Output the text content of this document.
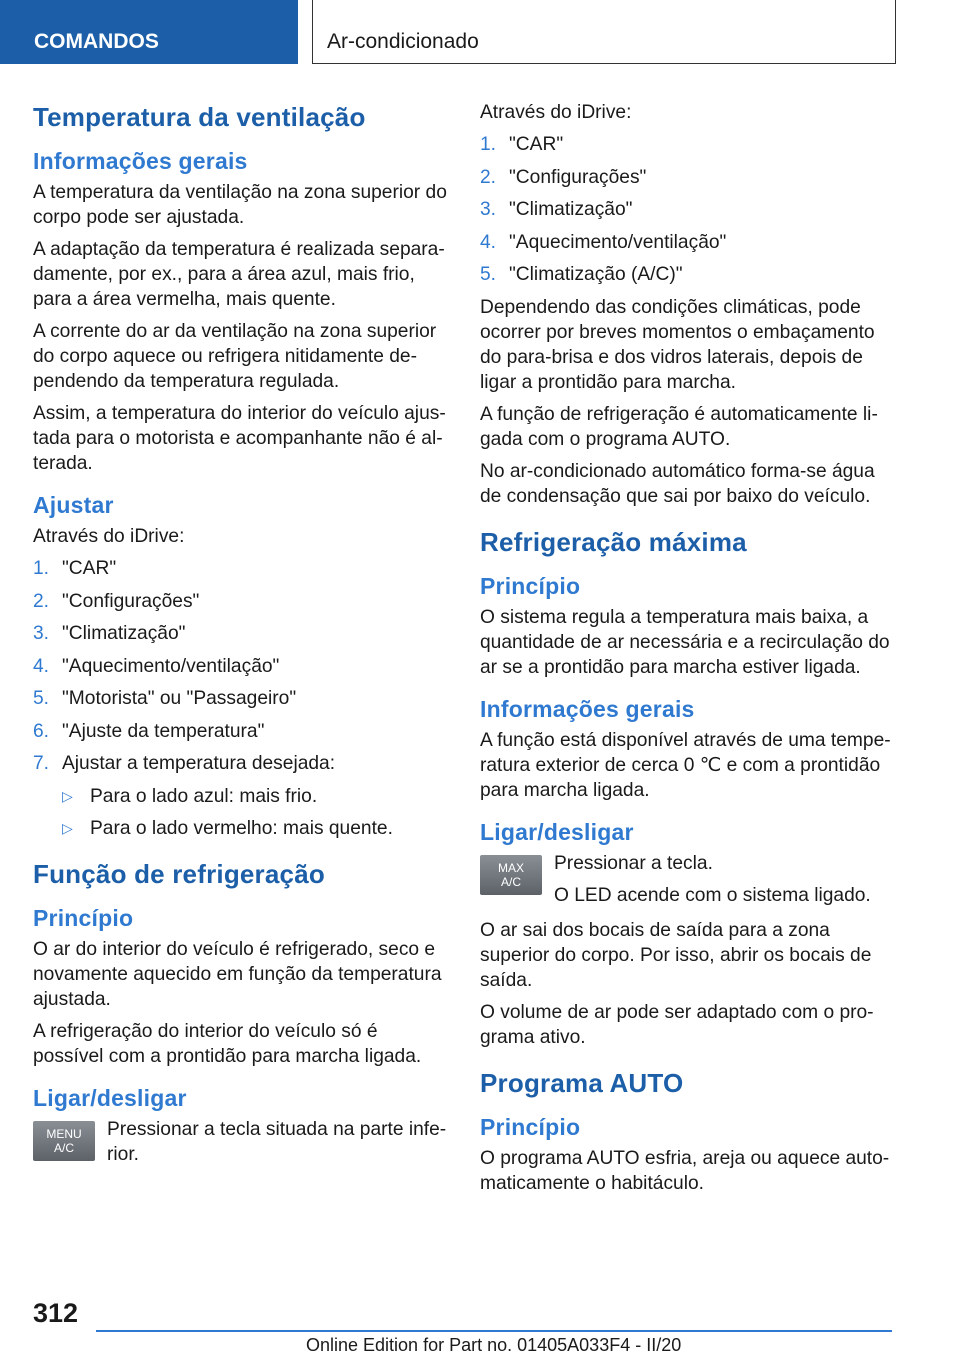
COMANDOS	Ar-condicionado
Temperatura da ventilação
Informações gerais
A temperatura da ventilação na zona superior do corpo pode ser ajustada.
A adaptação da temperatura é realizada separa‐damente, por ex., para a área azul, mais frio, para a área vermelha, mais quente.
A corrente do ar da ventilação na zona superior do corpo aquece ou refrigera nitidamente de‐pendendo da temperatura regulada.
Assim, a temperatura do interior do veículo ajus‐tada para o motorista e acompanhante não é al‐terada.
Ajustar
Através do iDrive:
1. "CAR"
2. "Configurações"
3. "Climatização"
4. "Aquecimento/ventilação"
5. "Motorista" ou "Passageiro"
6. "Ajuste da temperatura"
7. Ajustar a temperatura desejada:
▷ Para o lado azul: mais frio.
▷ Para o lado vermelho: mais quente.
Função de refrigeração
Princípio
O ar do interior do veículo é refrigerado, seco e novamente aquecido em função da temperatura ajustada.
A refrigeração do interior do veículo só é possível com a prontidão para marcha ligada.
Ligar/desligar
MENU
A/C
Pressionar a tecla situada na parte infe‐rior.
Através do iDrive:
1. "CAR"
2. "Configurações"
3. "Climatização"
4. "Aquecimento/ventilação"
5. "Climatização (A/C)"
Dependendo das condições climáticas, pode ocorrer por breves momentos o embaçamento do para-brisa e dos vidros laterais, depois de ligar a prontidão para marcha.
A função de refrigeração é automaticamente li‐gada com o programa AUTO.
No ar-condicionado automático forma-se água de condensação que sai por baixo do veículo.
Refrigeração máxima
Princípio
O sistema regula a temperatura mais baixa, a quantidade de ar necessária e a recirculação do ar se a prontidão para marcha estiver ligada.
Informações gerais
A função está disponível através de uma tempe‐ratura exterior de cerca 0 ℃ e com a prontidão para marcha ligada.
Ligar/desligar
MAX
A/C
Pressionar a tecla.
O LED acende com o sistema ligado.
O ar sai dos bocais de saída para a zona superior do corpo. Por isso, abrir os bocais de saída.
O volume de ar pode ser adaptado com o pro‐grama ativo.
Programa AUTO
Princípio
O programa AUTO esfria, areja ou aquece auto‐maticamente o habitáculo.
312
Online Edition for Part no. 01405A033F4 - II/20
